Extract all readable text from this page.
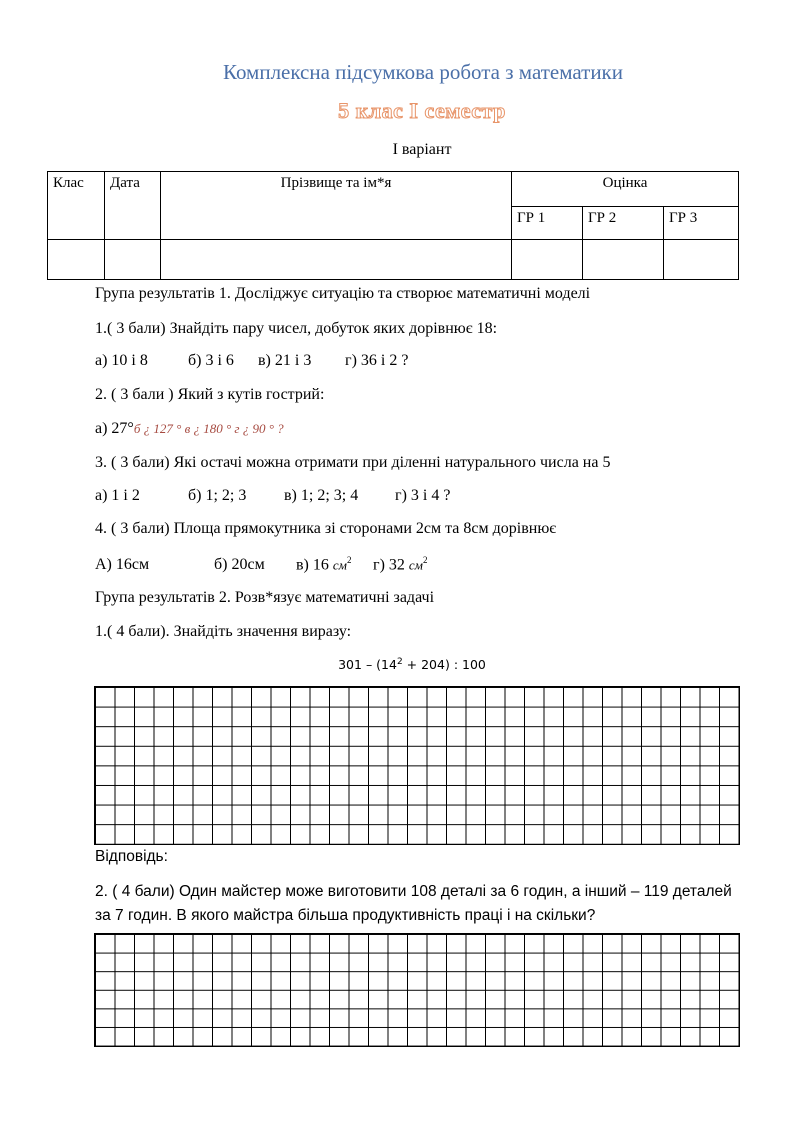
Комплексна підсумкова робота з математики
5 клас І семестр
І варіант
Клас	Дата	Прізвище та ім*я	Оцінка		
			ГР 1	ГР 2	ГР 3

Група результатів 1. Досліджує ситуацію та створює математичні моделі
1.( 3 бали) Знайдіть пару чисел, добуток яких дорівнює 18:
а) 10 і 8	б) 3 і 6 в) 21 і 3 г) 36 і 2 ?
2. ( 3 бали ) Який з кутів гострий:
а) 27°б ¿ 127 ° в ¿ 180 ° г ¿ 90 ° ?
3. ( 3 бали) Які остачі можна отримати при діленні натурального числа на 5
а) 1 і 2	б) 1; 2; 3 в) 1; 2; 3; 4 г) 3 і 4 ?
4. ( 3 бали) Площа прямокутника зі сторонами 2см та 8см дорівнює
А) 16см	б) 20см в) 16 $см^2$ г) 32 $см^2$
Група результатів 2. Розв*язує математичні задачі
1.( 4 бали). Знайдіть значення виразу:
$301 - (14^2 + 204)$ : 100
Відповідь:
2. ( 4 бали) Один майстер може виготовити 108 деталі за 6 годин, а інший – 119 деталей за 7 годин. В якого майстра більша продуктивність праці і на скільки?
